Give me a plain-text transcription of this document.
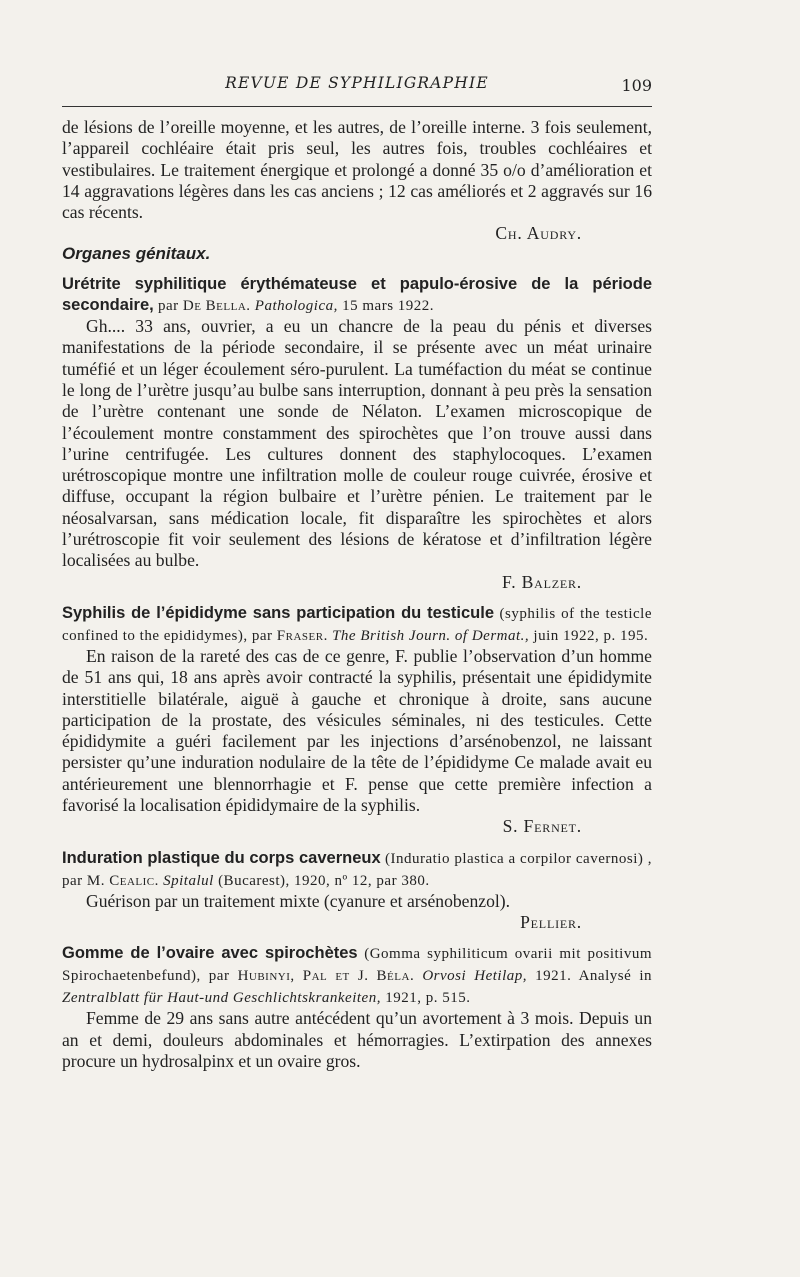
REVUE DE SYPHILIGRAPHIE	109

de lésions de l’oreille moyenne, et les autres, de l’oreille interne. 3 fois seulement, l’appareil cochléaire était pris seul, les autres fois, troubles cochléaires et vestibulaires. Le traitement énergique et prolongé a donné 35 o/o d’amélioration et 14 aggravations légères dans les cas anciens ; 12 cas améliorés et 2 aggravés sur 16 cas récents.

Ch. Audry.

Organes génitaux.

Urétrite syphilitique érythémateuse et papulo-érosive de la période secondaire, par De Bella. Pathologica, 15 mars 1922.

Gh.... 33 ans, ouvrier, a eu un chancre de la peau du pénis et diverses manifestations de la période secondaire, il se présente avec un méat urinaire tuméfié et un léger écoulement séro-purulent. La tuméfaction du méat se continue le long de l’urètre jusqu’au bulbe sans interruption, donnant à peu près la sensation de l’urètre contenant une sonde de Nélaton. L’examen microscopique de l’écoulement montre constamment des spirochètes que l’on trouve aussi dans l’urine centrifugée. Les cultures donnent des staphylocoques. L’examen urétroscopique montre une infiltration molle de couleur rouge cuivrée, érosive et diffuse, occupant la région bulbaire et l’urètre pénien. Le traitement par le néosalvarsan, sans médication locale, fit disparaître les spirochètes et alors l’urétroscopie fit voir seulement des lésions de kératose et d’infiltration légère localisées au bulbe.

F. Balzer.

Syphilis de l’épididyme sans participation du testicule (syphilis of the testicle confined to the epididymes), par Fraser. The British Journ. of Dermat., juin 1922, p. 195.

En raison de la rareté des cas de ce genre, F. publie l’observation d’un homme de 51 ans qui, 18 ans après avoir contracté la syphilis, présentait une épididymite interstitielle bilatérale, aiguë à gauche et chronique à droite, sans aucune participation de la prostate, des vésicules séminales, ni des testicules. Cette épididymite a guéri facilement par les injections d’arsénobenzol, ne laissant persister qu’une induration nodulaire de la tête de l’épididyme Ce malade avait eu antérieurement une blennorrhagie et F. pense que cette première infection a favorisé la localisation épididymaire de la syphilis.

S. Fernet.

Induration plastique du corps caverneux (Induratio plastica a corpilor cavernosi) , par M. Cealic. Spitalul (Bucarest), 1920, nº 12, par 380.

Guérison par un traitement mixte (cyanure et arsénobenzol).

Pellier.

Gomme de l’ovaire avec spirochètes (Gomma syphiliticum ovarii mit positivum Spirochaetenbefund), par Hubinyi, Pal et J. Béla. Orvosi Hetilap, 1921. Analysé in Zentralblatt für Haut-und Geschlichtskrankeiten, 1921, p. 515.

Femme de 29 ans sans autre antécédent qu’un avortement à 3 mois. Depuis un an et demi, douleurs abdominales et hémorragies. L’extirpation des annexes procure un hydrosalpinx et un ovaire gros.
